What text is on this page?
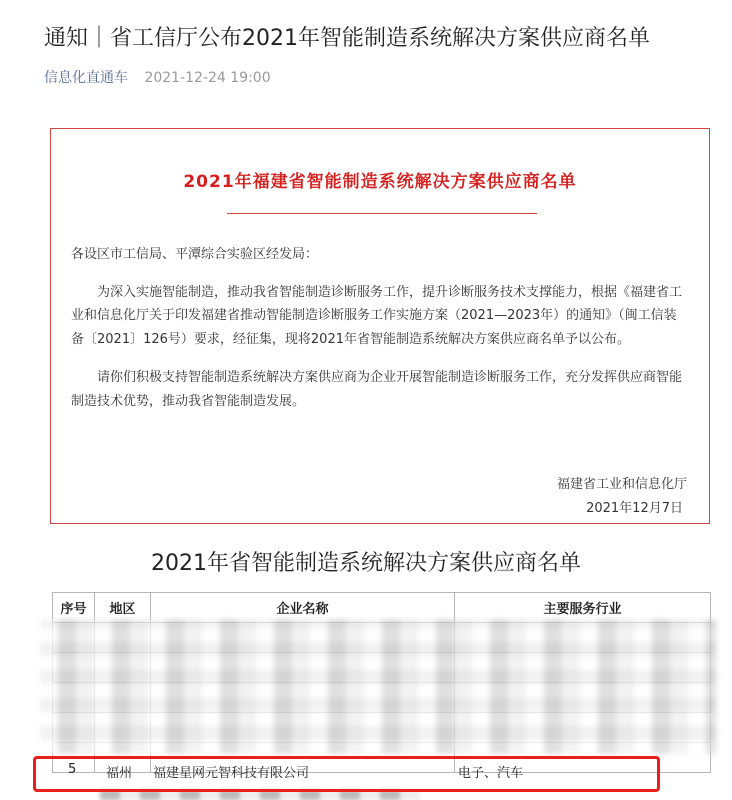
通知｜省工信厅公布2021年智能制造系统解决方案供应商名单
信息化直通车 2021-12-24 19:00
2021年福建省智能制造系统解决方案供应商名单

各设区市工信局、平潭综合实验区经发局：

为深入实施智能制造，推动我省智能制造诊断服务工作，提升诊断服务技术支撑能力，根据《福建省工业和信息化厅关于印发福建省推动智能制造诊断服务工作实施方案（2021—2023年）的通知》（闽工信装备〔2021〕126号）要求，经征集，现将2021年省智能制造系统解决方案供应商名单予以公布。

请你们积极支持智能制造系统解决方案供应商为企业开展智能制造诊断服务工作，充分发挥供应商智能制造技术优势，推动我省智能制造发展。

福建省工业和信息化厅
2021年12月7日
2021年省智能制造系统解决方案供应商名单
序号	地区	企业名称	主要服务行业

5 福州 福建星网元智科技有限公司	电子、汽车
